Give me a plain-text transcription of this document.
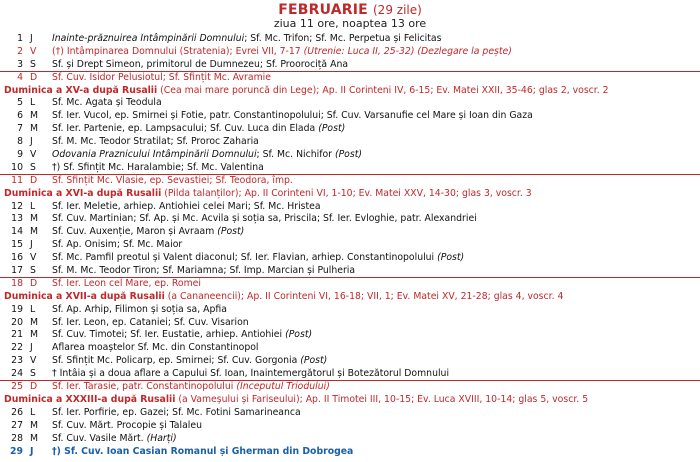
FEBRUARIE (29 zile)
ziua 11 ore, noaptea 13 ore
1 J	Înainte-prăznuirea Întâmpinării Domnului; Sf. Mc. Trifon; Sf. Mc. Perpetua și Felicitas
2 V	(†) Întâmpinarea Domnului (Stratenia); Evrei VII, 7-17 (Utrenie: Luca II, 25-32) (Dezlegare la pește)
3 S	Sf. și Drept Simeon, primitorul de Dumnezeu; Sf. Proorociță Ana
4 D	Sf. Cuv. Isidor Pelusiotul; Sf. Sfințit Mc. Avramie
Duminica a XV-a după Rusalii (Cea mai mare poruncă din Lege); Ap. II Corinteni IV, 6-15; Ev. Matei XXII, 35-46; glas 2, voscr. 2
5 L	Sf. Mc. Agata și Teodula
6 M	Sf. Ier. Vucol, ep. Smirnei și Fotie, patr. Constantinopolului; Sf. Cuv. Varsanufie cel Mare și Ioan din Gaza
7 M	Sf. Ier. Partenie, ep. Lampsacului; Sf. Cuv. Luca din Elada (Post)
8 J	Sf. M. Mc. Teodor Stratilat; Sf. Proroc Zaharia
9 V	Odovania Praznicului Întâmpinării Domnului; Sf. Mc. Nichifor (Post)
10 S	†) Sf. Sfințit Mc. Haralambie; Sf. Mc. Valentina
11 D	Sf. Sfințit Mc. Vlasie, ep. Sevastiei; Sf. Teodora, împ.
Duminica a XVI-a după Rusalii (Pilda talanților); Ap. II Corinteni VI, 1-10; Ev. Matei XXV, 14-30; glas 3, voscr. 3
12 L	Sf. Ier. Meletie, arhiep. Antiohiei celei Mari; Sf. Mc. Hristea
13 M	Sf. Cuv. Martinian; Sf. Ap. și Mc. Acvila și soția sa, Priscila; Sf. Ier. Evloghie, patr. Alexandriei
14 M	Sf. Cuv. Auxenție, Maron și Avraam (Post)
15 J	Sf. Ap. Onisim; Sf. Mc. Maior
16 V	Sf. Mc. Pamfil preotul și Valent diaconul; Sf. Ier. Flavian, arhiep. Constantinopolului (Post)
17 S	Sf. M. Mc. Teodor Tiron; Sf. Mariamna; Sf. Împ. Marcian și Pulheria
18 D	Sf. Ier. Leon cel Mare, ep. Romei
Duminica a XVII-a după Rusalii (a Cananeencii); Ap. II Corinteni VI, 16-18; VII, 1; Ev. Matei XV, 21-28; glas 4, voscr. 4
19 L	Sf. Ap. Arhip, Filimon și soția sa, Apfia
20 M	Sf. Ier. Leon, ep. Cataniei; Sf. Cuv. Visarion
21 M	Sf. Cuv. Timotei; Sf. Ier. Eustatie, arhiep. Antiohiei (Post)
22 J	Aflarea moaștelor Sf. Mc. din Constantinopol
23 V	Sf. Sfințit Mc. Policarp, ep. Smirnei; Sf. Cuv. Gorgonia (Post)
24 S	† Întâia și a doua aflare a Capului Sf. Ioan, Înaintemergătorul și Botezătorul Domnului
25 D	Sf. Ier. Tarasie, patr. Constantinopolului (Începutul Triodului)
Duminica a XXXIII-a după Rusalii (a Vameșului și Fariseului); Ap. II Timotei III, 10-15; Ev. Luca XVIII, 10-14; glas 5, voscr. 5
26 L	Sf. Ier. Porfirie, ep. Gazei; Sf. Mc. Fotini Samarineanca
27 M	Sf. Cuv. Mărt. Procopie și Talaleu
28 M	Sf. Cuv. Vasile Mărt. (Harți)
29 J	†) Sf. Cuv. Ioan Casian Romanul și Gherman din Dobrogea
